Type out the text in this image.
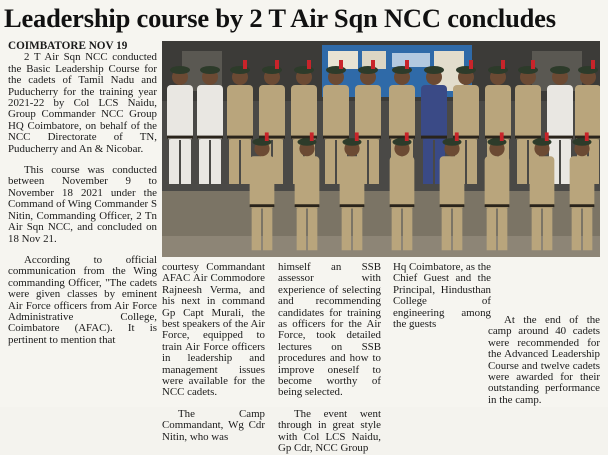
Leadership course by 2 T Air Sqn NCC concludes

COIMBATORE NOV 19

2 T Air Sqn NCC conducted the Basic Leadership Course for the cadets of Tamil Nadu and Puducherry for the training year 2021-22 by Col LCS Naidu, Group Commander NCC Group HQ Coimbatore, on behalf of the NCC Directorate of TN, Puducherry and An & Nicobar.

This course was conducted between November 9 to November 18 2021 under the Command of Wing Commander S Nitin, Commanding Officer, 2 Tn Air Sqn NCC, and concluded on 18 Nov 21.

According to official communication from the Wing commanding Officer, "The cadets were given classes by eminent Air Force officers from Air Force Administrative College, Coimbatore (AFAC). It is pertinent to mention that

courtesy Commandant AFAC Air Commodore Rajneesh Verma, and his next in command Gp Capt Murali, the best speakers of the Air Force, equipped to train Air Force officers in leadership and management issues were available for the NCC cadets.

The Camp Commandant, Wg Cdr Nitin, who was

himself an SSB assessor with experience of selecting and recommending candidates for training as officers for the Air Force, took detailed lectures on SSB procedures and how to improve oneself to become worthy of being selected.

The event went through in great style with Col LCS Naidu, Gp Cdr, NCC Group

Hq Coimbatore, as the Chief Guest and the Principal, Hindusthan College of engineering among the guests	At the end of the camp around 40 cadets were recommended for the Advanced Leadership Course and twelve cadets were awarded for their outstanding performance in the camp.
